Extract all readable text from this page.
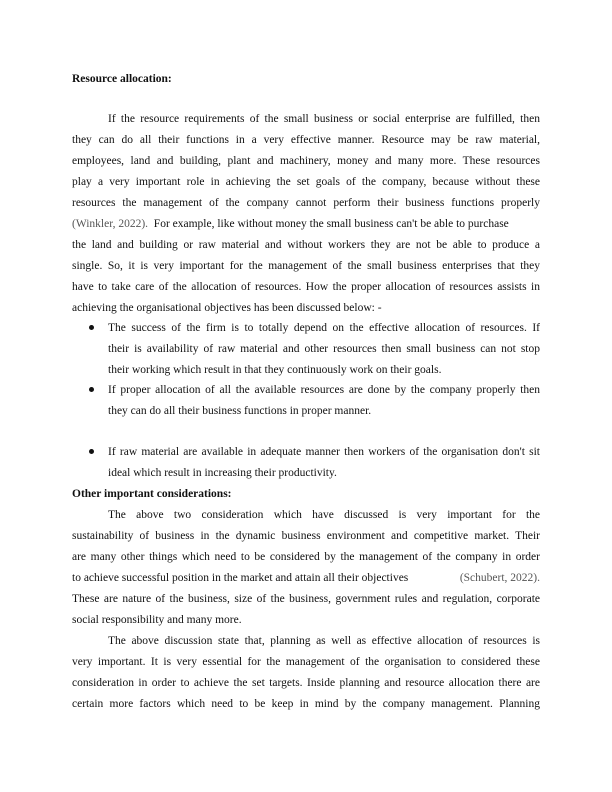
Resource allocation:
If the resource requirements of the small business or social enterprise are fulfilled, then
they can do all their functions in a very effective manner. Resource may be raw material,
employees, land and building, plant and machinery, money and many more. These resources
play a very important role in achieving the set goals of the company, because without these
resources the management of the company cannot perform their business functions properly
(Winkler, 2022). For example, like without money the small business can't be able to purchase
the land and building or raw material and without workers they are not be able to produce a
single. So, it is very important for the management of the small business enterprises that they
have to take care of the allocation of resources. How the proper allocation of resources assists in
achieving the organisational objectives has been discussed below: -
The success of the firm is to totally depend on the effective allocation of resources. If
their is availability of raw material and other resources then small business can not stop
their working which result in that they continuously work on their goals.
If proper allocation of all the available resources are done by the company properly then
they can do all their business functions in proper manner.
If raw material are available in adequate manner then workers of the organisation don't sit
ideal which result in increasing their productivity.
Other important considerations:
The above two consideration which have discussed is very important for the
sustainability of business in the dynamic business environment and competitive market. Their
are many other things which need to be considered by the management of the company in order
to achieve successful position in the market and attain all their objectives	(Schubert, 2022).
These are nature of the business, size of the business, government rules and regulation, corporate
social responsibility and many more.
The above discussion state that, planning as well as effective allocation of resources is
very important. It is very essential for the management of the organisation to considered these
consideration in order to achieve the set targets. Inside planning and resource allocation there are
certain more factors which need to be keep in mind by the company management. Planning
